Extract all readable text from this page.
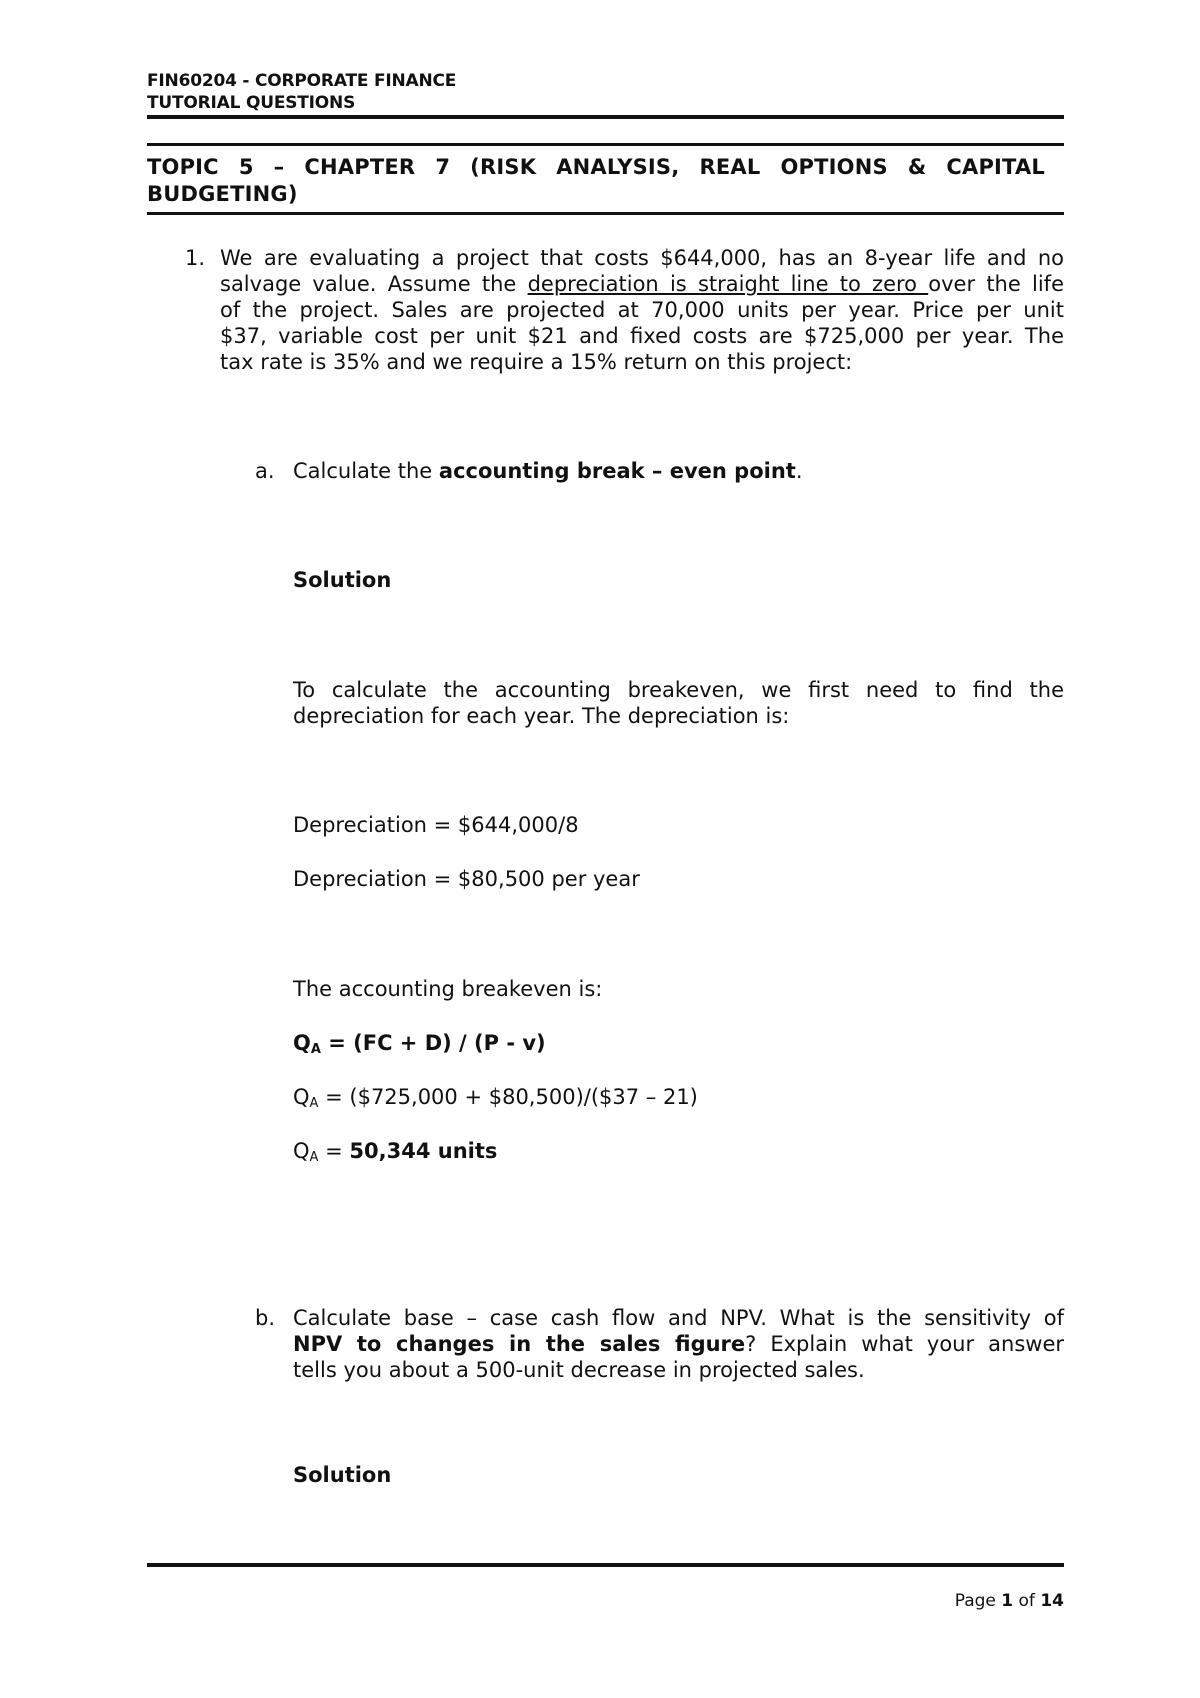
FIN60204 - CORPORATE FINANCE
TUTORIAL QUESTIONS
TOPIC 5 – CHAPTER 7 (RISK ANALYSIS, REAL OPTIONS & CAPITAL
BUDGETING)
1. We are evaluating a project that costs $644,000, has an 8-year life and no
salvage value. Assume the depreciation is straight line to zero over the life
of the project. Sales are projected at 70,000 units per year. Price per unit
$37, variable cost per unit $21 and fixed costs are $725,000 per year. The
tax rate is 35% and we require a 15% return on this project:
a. Calculate the accounting break – even point.
Solution
To calculate the accounting breakeven, we first need to find the
depreciation for each year. The depreciation is:
Depreciation = $644,000/8
Depreciation = $80,500 per year
The accounting breakeven is:
QA = (FC + D) / (P - v)
QA = ($725,000 + $80,500)/($37 – 21)
QA = 50,344 units
b. Calculate base – case cash flow and NPV. What is the sensitivity of
NPV to changes in the sales figure? Explain what your answer
tells you about a 500-unit decrease in projected sales.
Solution
Page 1 of 14
